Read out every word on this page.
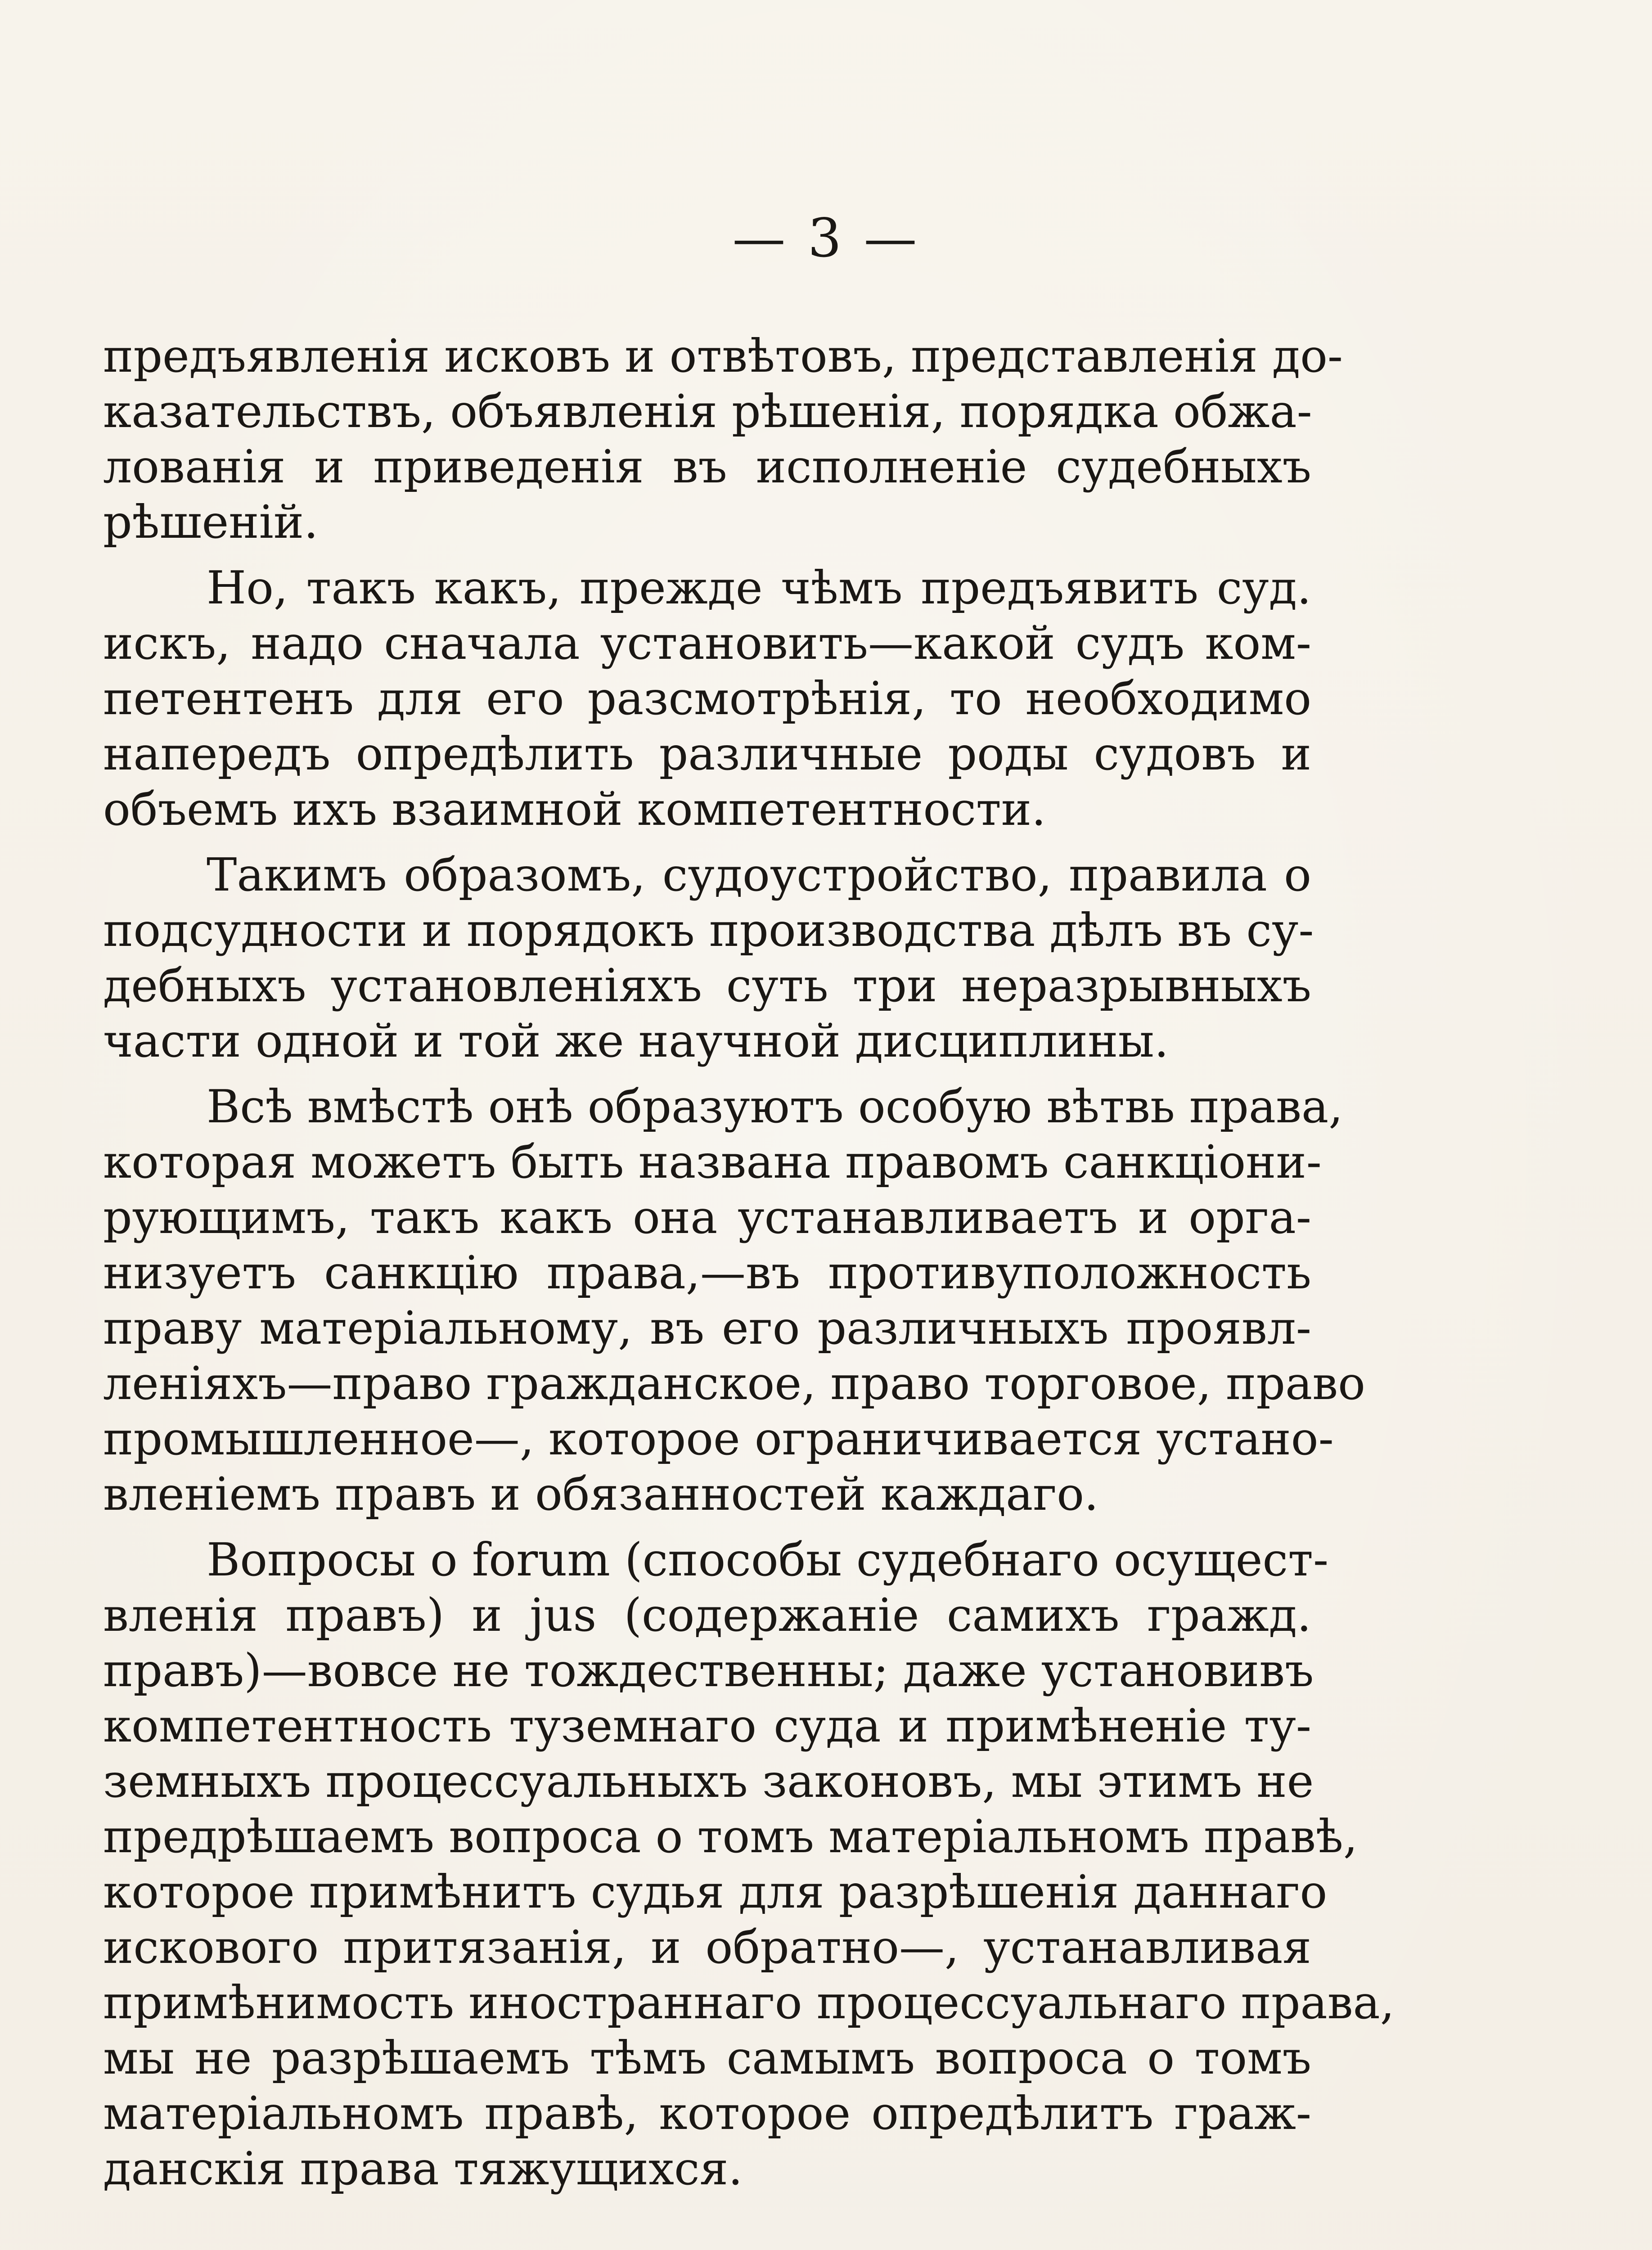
— 3 —
предъявленія исковъ и отвѣтовъ, представленія до-
казательствъ, объявленія рѣшенія, порядка обжа-
лованія и приведенія въ исполненіе судебныхъ
рѣшеній.
Но, такъ какъ, прежде чѣмъ предъявить суд.
искъ, надо сначала установить—какой судъ ком-
петентенъ для его разсмотрѣнія, то необходимо
напередъ опредѣлить различные роды судовъ и
объемъ ихъ взаимной компетентности.
Такимъ образомъ, судоустройство, правила о
подсудности и порядокъ производства дѣлъ въ су-
дебныхъ установленіяхъ суть три неразрывныхъ
части одной и той же научной дисциплины.
Всѣ вмѣстѣ онѣ образуютъ особую вѣтвь права,
которая можетъ быть названа правомъ санкціони-
рующимъ, такъ какъ она устанавливаетъ и орга-
низуетъ санкцію права,—въ противуположность
праву матеріальному, въ его различныхъ проявл-
леніяхъ—право гражданское, право торговое, право
промышленное—, которое ограничивается устано-
вленіемъ правъ и обязанностей каждаго.
Вопросы о forum (способы судебнаго осущест-
вленія правъ) и jus (содержаніе самихъ гражд.
правъ)—вовсе не тождественны; даже установивъ
компетентность туземнаго суда и примѣненіе ту-
земныхъ процессуальныхъ законовъ, мы этимъ не
предрѣшаемъ вопроса о томъ матеріальномъ правѣ,
которое примѣнитъ судья для разрѣшенія даннаго
искового притязанія, и обратно—, устанавливая
примѣнимость иностраннаго процессуальнаго права,
мы не разрѣшаемъ тѣмъ самымъ вопроса о томъ
матеріальномъ правѣ, которое опредѣлитъ граж-
данскія права тяжущихся.
